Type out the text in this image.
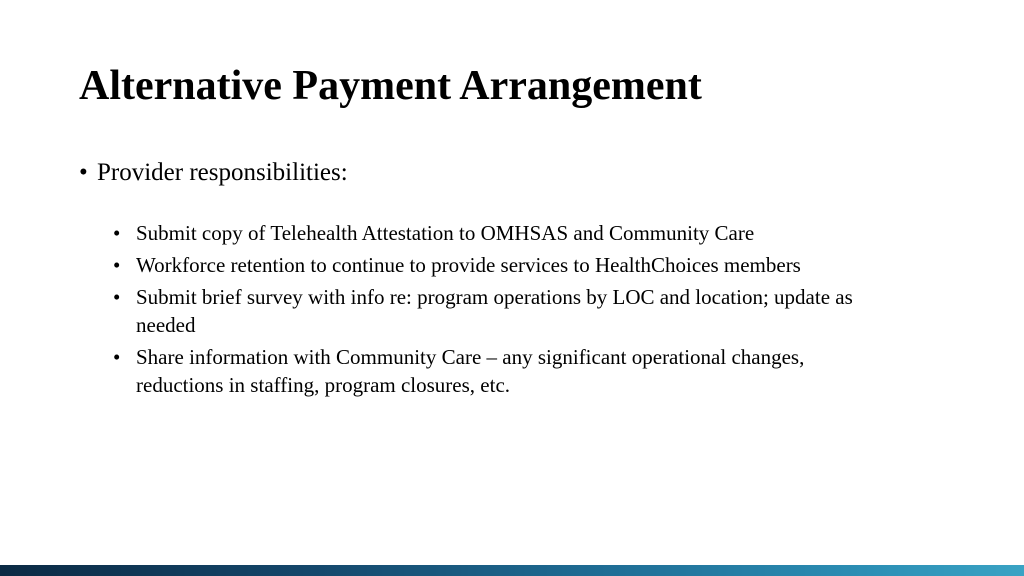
Alternative Payment Arrangement
• Provider responsibilities:
• Submit copy of Telehealth Attestation to OMHSAS and Community Care
• Workforce retention to continue to provide services to HealthChoices members
• Submit brief survey with info re: program operations by LOC and location; update as needed
• Share information with Community Care – any significant operational changes, reductions in staffing, program closures, etc.
